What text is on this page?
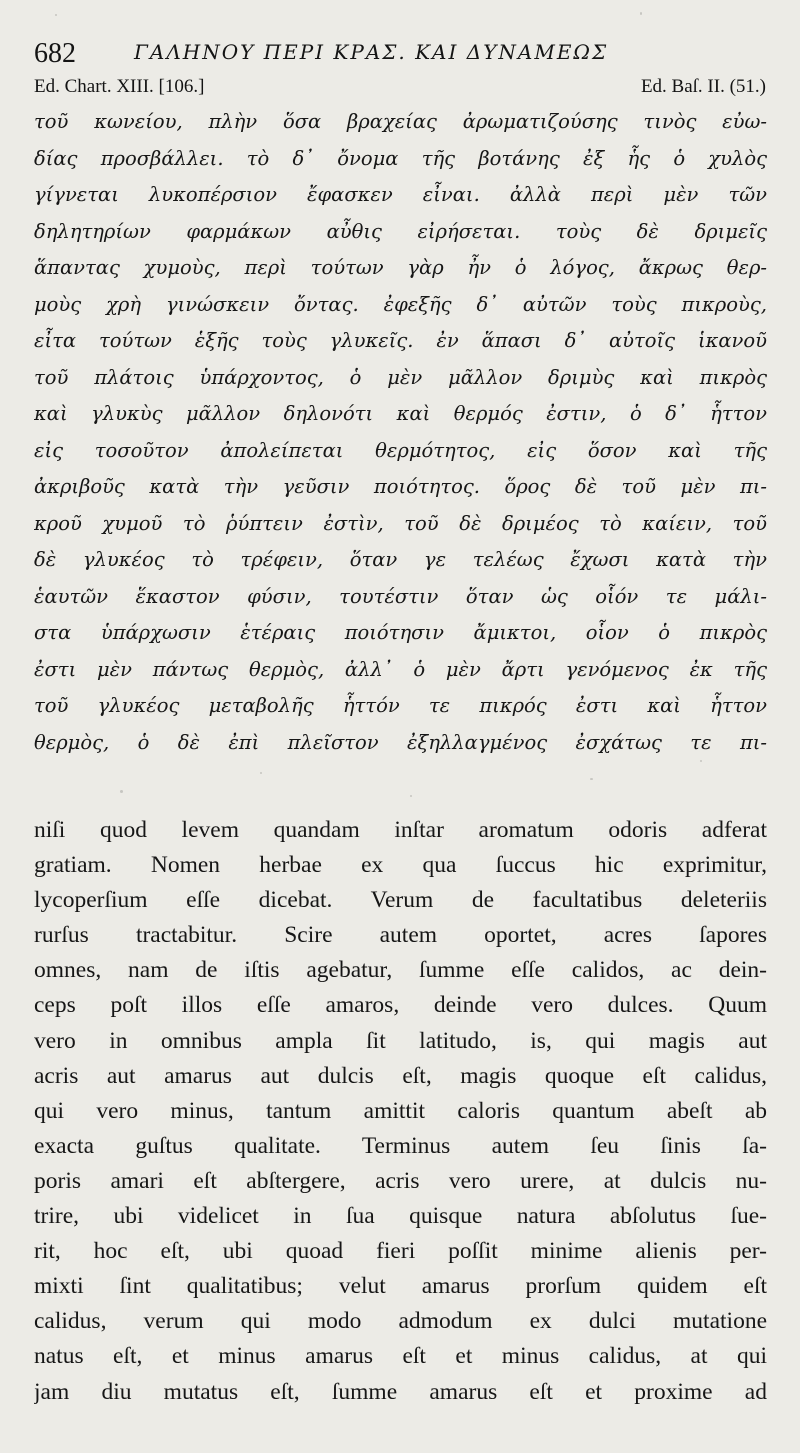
682	ΓΑΛΗΝΟΥ ΠΕΡΙ ΚΡΑΣ. ΚΑΙ ΔΥΝΑΜΕΩΣ
Ed. Chart. XIII. [106.]	Ed. Baſ. II. (51.)
τοῦ κωνείου, πλὴν ὅσα βραχείας ἀρωματιζούσης τινὸς εὐω-
δίας προσβάλλει. τὸ δ᾽ ὄνομα τῆς βοτάνης ἐξ ἧς ὁ χυλὸς
γίγνεται λυκοπέρσιον ἔφασκεν εἶναι. ἀλλὰ περὶ μὲν τῶν
δηλητηρίων φαρμάκων αὖθις εἰρήσεται. τοὺς δὲ δριμεῖς
ἅπαντας χυμοὺς, περὶ τούτων γὰρ ἦν ὁ λόγος, ἄκρως θερ-
μοὺς χρὴ γινώσκειν ὄντας. ἐφεξῆς δ᾽ αὐτῶν τοὺς πικροὺς,
εἶτα τούτων ἑξῆς τοὺς γλυκεῖς. ἐν ἅπασι δ᾽ αὐτοῖς ἱκανοῦ
τοῦ πλάτοις ὑπάρχοντος, ὁ μὲν μᾶλλον δριμὺς καὶ πικρὸς
καὶ γλυκὺς μᾶλλον δηλονότι καὶ θερμός ἐστιν, ὁ δ᾽ ἧττον
εἰς τοσοῦτον ἀπολείπεται θερμότητος, εἰς ὅσον καὶ τῆς
ἀκριβοῦς κατὰ τὴν γεῦσιν ποιότητος. ὅρος δὲ τοῦ μὲν πι-
κροῦ χυμοῦ τὸ ῥύπτειν ἐστὶν, τοῦ δὲ δριμέος τὸ καίειν, τοῦ
δὲ γλυκέος τὸ τρέφειν, ὅταν γε τελέως ἔχωσι κατὰ τὴν
ἑαυτῶν ἕκαστον φύσιν, τουτέστιν ὅταν ὡς οἷόν τε μάλι-
στα ὑπάρχωσιν ἑτέραις ποιότησιν ἄμικτοι, οἷον ὁ πικρὸς
ἐστι μὲν πάντως θερμὸς, ἀλλ᾽ ὁ μὲν ἄρτι γενόμενος ἐκ τῆς
τοῦ γλυκέος μεταβολῆς ἧττόν τε πικρός ἐστι καὶ ἧττον
θερμὸς, ὁ δὲ ἐπὶ πλεῖστον ἐξηλλαγμένος ἐσχάτως τε πι-
niſi quod levem quandam inſtar aromatum odoris adferat
gratiam. Nomen herbae ex qua ſuccus hic exprimitur,
lycoperſium eſſe dicebat. Verum de facultatibus deleteriis
rurſus tractabitur. Scire autem oportet, acres ſapores
omnes, nam de iſtis agebatur, ſumme eſſe calidos, ac dein-
ceps poſt illos eſſe amaros, deinde vero dulces. Quum
vero in omnibus ampla ſit latitudo, is, qui magis aut
acris aut amarus aut dulcis eſt, magis quoque eſt calidus,
qui vero minus, tantum amittit caloris quantum abeſt ab
exacta guſtus qualitate. Terminus autem ſeu ſinis ſa-
poris amari eſt abſtergere, acris vero urere, at dulcis nu-
trire, ubi videlicet in ſua quisque natura abſolutus ſue-
rit, hoc eſt, ubi quoad fieri poſſit minime alienis per-
mixti ſint qualitatibus; velut amarus prorſum quidem eſt
calidus, verum qui modo admodum ex dulci mutatione
natus eſt, et minus amarus eſt et minus calidus, at qui
jam diu mutatus eſt, ſumme amarus eſt et proxime ad
